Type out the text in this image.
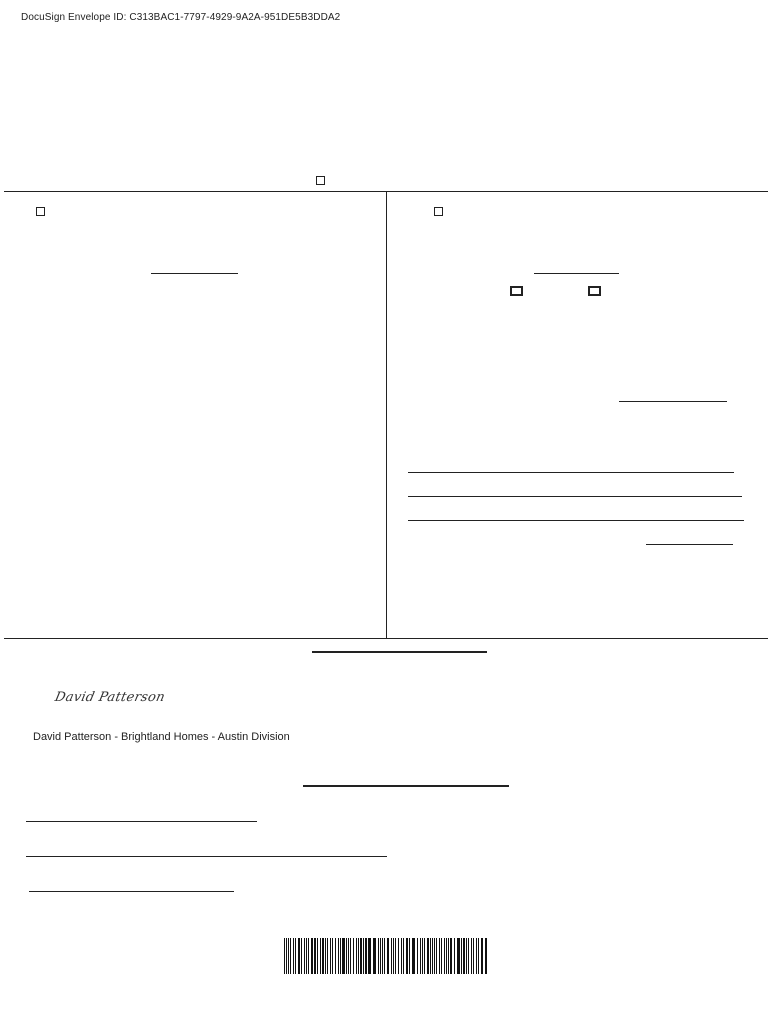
DocuSign Envelope ID: C313BAC1-7797-4929-9A2A-951DE5B3DDA2
David Patterson
David Patterson - Brightland Homes - Austin Division
